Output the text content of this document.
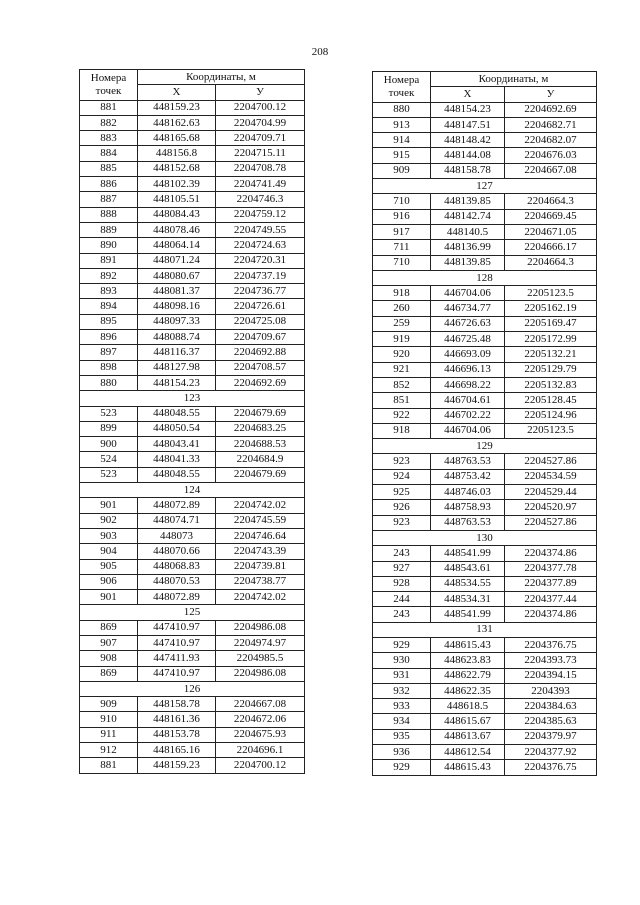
208
Номера
точек	Координаты, м	
	X	У
881	448159.23	2204700.12
882	448162.63	2204704.99
883	448165.68	2204709.71
884	448156.8	2204715.11
885	448152.68	2204708.78
886	448102.39	2204741.49
887	448105.51	2204746.3
888	448084.43	2204759.12
889	448078.46	2204749.55
890	448064.14	2204724.63
891	448071.24	2204720.31
892	448080.67	2204737.19
893	448081.37	2204736.77
894	448098.16	2204726.61
895	448097.33	2204725.08
896	448088.74	2204709.67
897	448116.37	2204692.88
898	448127.98	2204708.57
880	448154.23	2204692.69
123		
523	448048.55	2204679.69
899	448050.54	2204683.25
900	448043.41	2204688.53
524	448041.33	2204684.9
523	448048.55	2204679.69
124		
901	448072.89	2204742.02
902	448074.71	2204745.59
903	448073	2204746.64
904	448070.66	2204743.39
905	448068.83	2204739.81
906	448070.53	2204738.77
901	448072.89	2204742.02
125		
869	447410.97	2204986.08
907	447410.97	2204974.97
908	447411.93	2204985.5
869	447410.97	2204986.08
126		
909	448158.78	2204667.08
910	448161.36	2204672.06
911	448153.78	2204675.93
912	448165.16	2204696.1
881	448159.23	2204700.12
Номера
точек	Координаты, м	
	X	У
880	448154.23	2204692.69
913	448147.51	2204682.71
914	448148.42	2204682.07
915	448144.08	2204676.03
909	448158.78	2204667.08
127		
710	448139.85	2204664.3
916	448142.74	2204669.45
917	448140.5	2204671.05
711	448136.99	2204666.17
710	448139.85	2204664.3
128		
918	446704.06	2205123.5
260	446734.77	2205162.19
259	446726.63	2205169.47
919	446725.48	2205172.99
920	446693.09	2205132.21
921	446696.13	2205129.79
852	446698.22	2205132.83
851	446704.61	2205128.45
922	446702.22	2205124.96
918	446704.06	2205123.5
129		
923	448763.53	2204527.86
924	448753.42	2204534.59
925	448746.03	2204529.44
926	448758.93	2204520.97
923	448763.53	2204527.86
130		
243	448541.99	2204374.86
927	448543.61	2204377.78
928	448534.55	2204377.89
244	448534.31	2204377.44
243	448541.99	2204374.86
131		
929	448615.43	2204376.75
930	448623.83	2204393.73
931	448622.79	2204394.15
932	448622.35	2204393
933	448618.5	2204384.63
934	448615.67	2204385.63
935	448613.67	2204379.97
936	448612.54	2204377.92
929	448615.43	2204376.75
